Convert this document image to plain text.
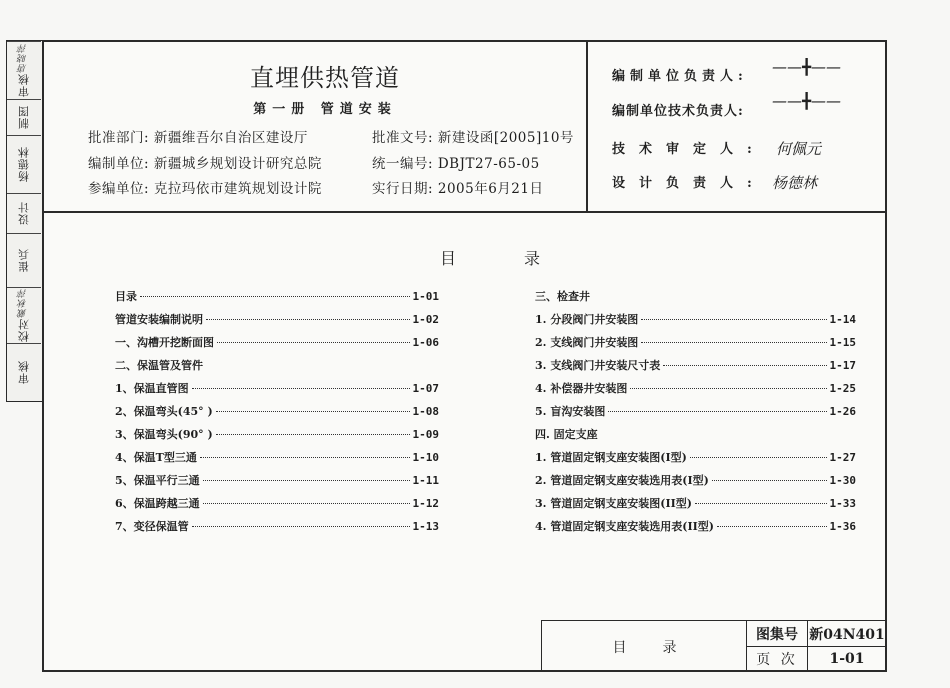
审核
唐晓萍
制图
杨德林
设计
崔兵
校对
戴秋萍
审核
直埋供热管道
第一册 管道安装
批准部门: 新疆维吾尔自治区建设厅
编制单位: 新疆城乡规划设计研究总院
参编单位: 克拉玛依市建筑规划设计院
批准文号: 新建设函[2005]10号
统一编号: DBJT27-65-05
实行日期: 2005年6月21日
编制单位负责人:
——╋——
编制单位技术负责人:
——╋——
技术审定人: 何佩元
设计负责人: 杨德林
目	录
目录	1-01
管道安装编制说明	1-02
一、沟槽开挖断面图	1-06
二、保温管及管件
1、保温直管图	1-07
2、保温弯头(45° )	1-08
3、保温弯头(90° )	1-09
4、保温T型三通	1-10
5、保温平行三通	1-11
6、保温跨越三通	1-12
7、变径保温管	1-13
三、检查井
1. 分段阀门井安装图	1-14
2. 支线阀门井安装图	1-15
3. 支线阀门井安装尺寸表	1-17
4. 补偿器井安装图	1-25
5. 盲沟安装图	1-26
四. 固定支座
1. 管道固定钢支座安装图(I型)	1-27
2. 管道固定钢支座安装选用表(I型)	1-30
3. 管道固定钢支座安装图(II型)	1-33
4. 管道固定钢支座安装选用表(II型)	1-36
目	录
图集号 新04N401
页 次	1-01
